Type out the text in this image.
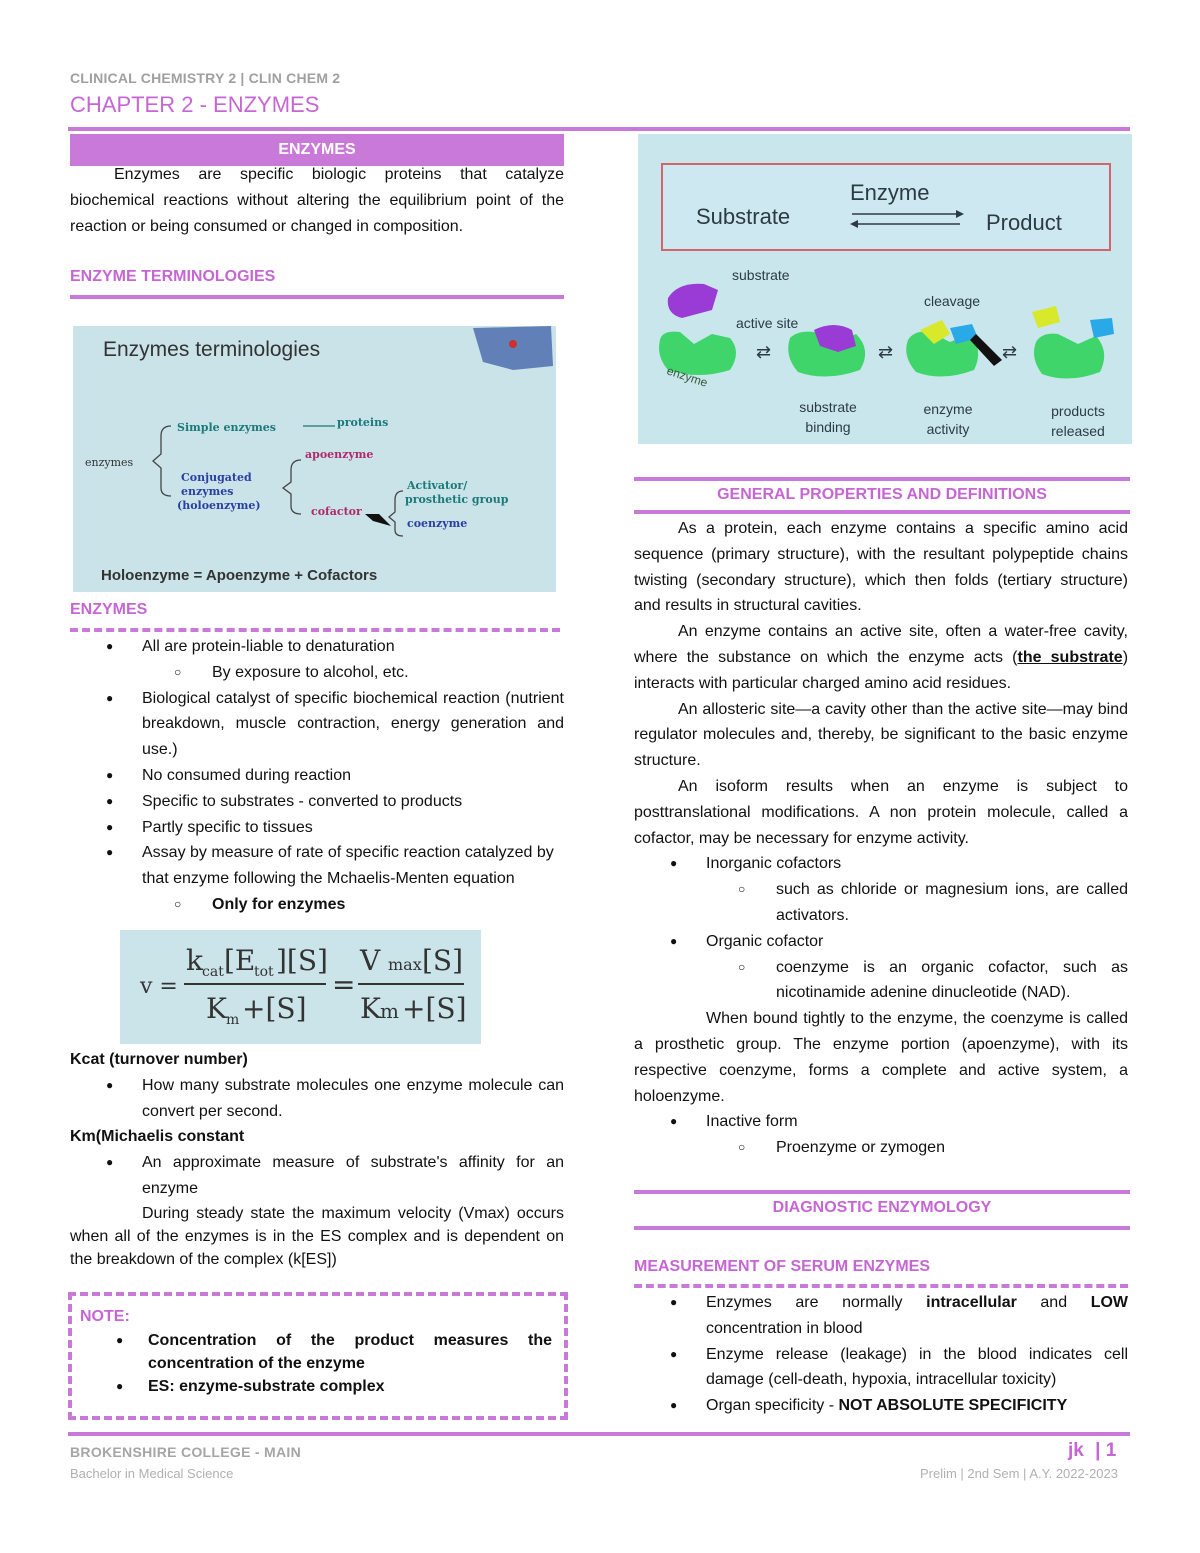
CLINICAL CHEMISTRY 2 | CLIN CHEM 2
CHAPTER 2 - ENZYMES
ENZYMES
Enzymes are specific biologic proteins that catalyze biochemical reactions without altering the equilibrium point of the reaction or being consumed or changed in composition.
ENZYME TERMINOLOGIES
Enzymes terminologies
enzymes
Simple enzymes	proteins
Conjugated
enzymes
(holoenzyme)
apoenzyme
cofactor
Activator/
prosthetic group
coenzyme
Holoenzyme = Apoenzyme + Cofactors
ENZYMES
● All are protein-liable to denaturation
○ By exposure to alcohol, etc.
● Biological catalyst of specific biochemical reaction (nutrient breakdown, muscle contraction, energy generation and use.)
● No consumed during reaction
● Specific to substrates - converted to products
● Partly specific to tissues
● Assay by measure of rate of specific reaction catalyzed by that enzyme following the Mchaelis-Menten equation
○ Only for enzymes
v =
k cat [E
tot ][S]
K m +[S]
=
V max [S]
K m +[S]
Kcat (turnover number)
● How many substrate molecules one enzyme molecule can convert per second.
Km(Michaelis constant
● An approximate measure of substrate's affinity for an enzyme
During steady state the maximum velocity (Vmax) occurs when all of the enzymes is in the ES complex and is dependent on the breakdown of the complex (k[ES])
NOTE:
● Concentration of the product measures the concentration of the enzyme
● ES: enzyme-substrate complex
Enzyme
Substrate	Product
substrate
active site
cleavage
enzyme
⇄	⇄	⇄
substrate
binding
enzyme
activity
products
released
GENERAL PROPERTIES AND DEFINITIONS

As a protein, each enzyme contains a specific amino acid sequence (primary structure), with the resultant polypeptide chains twisting (secondary structure), which then folds (tertiary structure) and results in structural cavities.

An enzyme contains an active site, often a water-free cavity, where the substance on which the enzyme acts (the substrate) interacts with particular charged amino acid residues.

An allosteric site—a cavity other than the active site—may bind regulator molecules and, thereby, be significant to the basic enzyme structure.

An isoform results when an enzyme is subject to posttranslational modifications. A non protein molecule, called a cofactor, may be necessary for enzyme activity.

● Inorganic cofactors
○ such as chloride or magnesium ions, are called activators.
● Organic cofactor
○ coenzyme is an organic cofactor, such as nicotinamide adenine dinucleotide (NAD).

When bound tightly to the enzyme, the coenzyme is called a prosthetic group. The enzyme portion (apoenzyme), with its respective coenzyme, forms a complete and active system, a holoenzyme.

● Inactive form
○ Proenzyme or zymogen
DIAGNOSTIC ENZYMOLOGY
MEASUREMENT OF SERUM ENZYMES
● Enzymes are normally intracellular and LOW concentration in blood
● Enzyme release (leakage) in the blood indicates cell damage (cell-death, hypoxia, intracellular toxicity)
● Organ specificity - NOT ABSOLUTE SPECIFICITY
BROKENSHIRE COLLEGE - MAIN
Bachelor in Medical Science
jk | 1
Prelim | 2nd Sem | A.Y. 2022-2023
